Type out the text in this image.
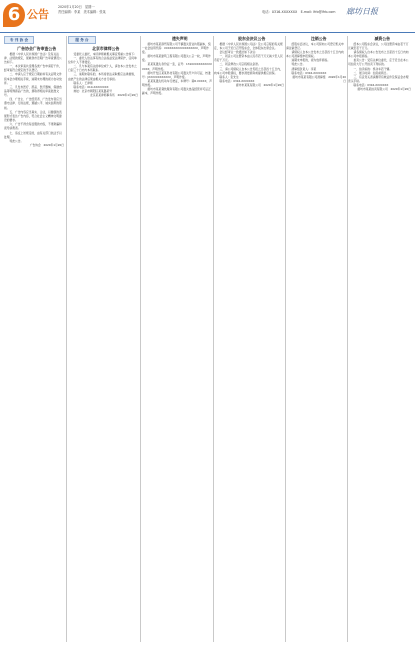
6 公告
2020年1月20日　星期一
责任编辑：李某　美术编辑：张某	电话：0316-XXXXXXX　E-mail: lfrb@lfrb.com 廊坊日报
专 刊 协 会

广告协会广告审查公告

根据《中华人民共和国广告法》及有关法律、法规的规定，现就我市近期广告审查情况公告如下。

一、本次审查共受理各类广告申请若干件，经审查符合规定的予以登记。

二、申请人应于规定日期前持有关证明文件到本会办理相关手续，逾期未办理的视为自动放弃。

三、凡发布医疗、药品、医疗器械、保健食品等特殊商品广告的，须取得相关审查批准文号。

四、广告主、广告经营者、广告发布者应当遵守法律、行政法规，遵循公平、诚实信用的原则。

五、广告内容应当真实、合法，以健康的表现形式表达广告内容，符合社会主义精神文明建设的要求。

六、广告不得含有虚假的内容，不得欺骗和误导消费者。

七、违反上述规定的，由有关部门依法予以处理。

特此公告。

广告协会　2020年1月20日

服 务 台

北京市律师公告

受委托人委托，本所律师就相关事宜郑重公告如下：

一、委托人依法享有的合法权益受法律保护，任何单位和个人不得侵犯。

二、凡与本案有关的单位或个人，请自本公告发布之日起三十日内与本所联系。

三、逾期未联系的，本所将依法采取相应法律措施，由此产生的法律后果由相关方自行承担。

联系人：王律师

联系电话：010-XXXXXXXX

地址：北京市朝阳区某某路某号

北京某某律师事务所　2020年1月20日

遗失声明

廊坊市某某商贸有限公司不慎遗失营业执照副本，统一社会信用代码：XXXXXXXXXXXXXXXXXX，声明作废。

廊坊市某某建筑工程有限公司遗失公章一枚，声明作废。

某某某遗失身份证一张，证号：1310XXXXXXXXXXXXXX，声明作废。

廊坊开发区某某科技有限公司遗失开户许可证，核准号：JXXXXXXXXXXXX，声明作废。

某某某遗失机动车行驶证，车牌号：冀R·XXXXX，声明作废。

廊坊市某某餐饮服务有限公司遗失食品经营许可证正副本，声明作废。

股东会决议公告

根据《中华人民共和国公司法》及公司章程的有关规定，本公司于近日召开股东会，全体股东出席会议。

会议经审议一致通过如下决议：

一、同意公司注册资本由人民币若干万元减少至人民币若干万元。

二、同意修改公司章程相关条款。

三、请公司债权人自本公告见报之日起四十五日内，向本公司申报债权，要求清偿债务或提供相应担保。

联系人：张先生

联系电话：0316-XXXXXXX

廊坊市某某有限公司　2020年1月20日

注销公告

经股东会决议，本公司拟向公司登记机关申请注销登记。

请债权人自本公告发布之日起四十五日内向本公司清算组申报债权。

逾期未申报的，视为放弃债权。

特此公告。

清算组负责人：李某

联系电话：0316-XXXXXXX

廊坊市某某有限公司清算组　2020年1月20日

减资公告

经本公司股东会决议，公司注册资本由若干万元减至若干万元。

请各债权人自本公告发布之日起四十五日内向本公司申报债权。

拍卖公告：受有关单位委托，定于近日在本公司拍卖大厅公开拍卖下列标的。

一、拍卖标的：机动车若干辆。

二、展示时间：拍卖前两日。

三、有意竞买者请携带有效证件及保证金办理竞买手续。

联系电话：0316-XXXXXXX

廊坊市某某拍卖有限公司　2020年1月20日
